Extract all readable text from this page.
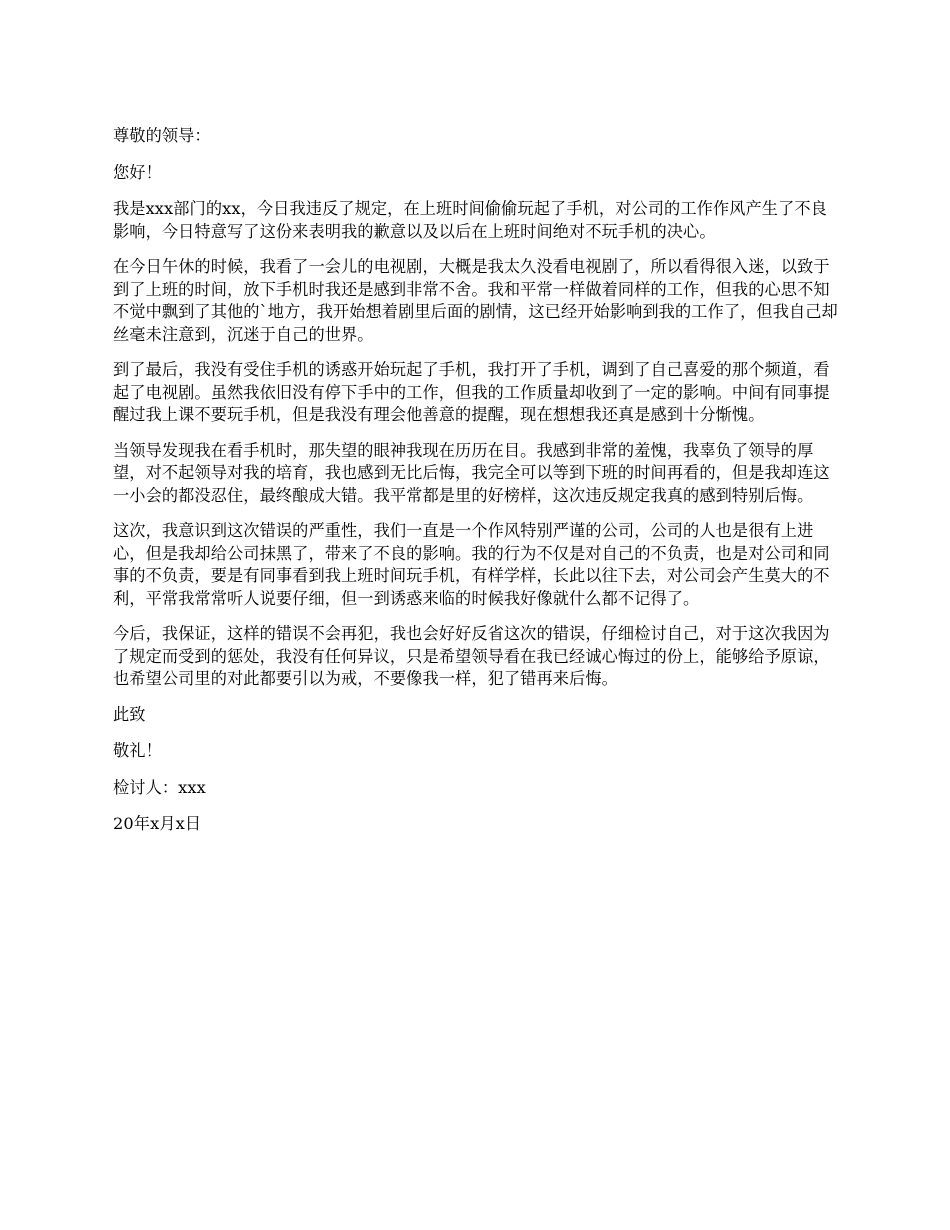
尊敬的领导：

您好！

我是xxx部门的xx，今日我违反了规定，在上班时间偷偷玩起了手机，对公司的工作作风产生了不良影响，今日特意写了这份来表明我的歉意以及以后在上班时间绝对不玩手机的决心。

在今日午休的时候，我看了一会儿的电视剧，大概是我太久没看电视剧了，所以看得很入迷，以致于到了上班的时间，放下手机时我还是感到非常不舍。我和平常一样做着同样的工作，但我的心思不知不觉中飘到了其他的`地方，我开始想着剧里后面的剧情，这已经开始影响到我的工作了，但我自己却丝毫未注意到，沉迷于自己的世界。

到了最后，我没有受住手机的诱惑开始玩起了手机，我打开了手机，调到了自己喜爱的那个频道，看起了电视剧。虽然我依旧没有停下手中的工作，但我的工作质量却收到了一定的影响。中间有同事提醒过我上课不要玩手机，但是我没有理会他善意的提醒，现在想想我还真是感到十分惭愧。

当领导发现我在看手机时，那失望的眼神我现在历历在目。我感到非常的羞愧，我辜负了领导的厚望，对不起领导对我的培育，我也感到无比后悔，我完全可以等到下班的时间再看的，但是我却连这一小会的都没忍住，最终酿成大错。我平常都是里的好榜样，这次违反规定我真的感到特别后悔。

这次，我意识到这次错误的严重性，我们一直是一个作风特别严谨的公司，公司的人也是很有上进心，但是我却给公司抹黑了，带来了不良的影响。我的行为不仅是对自己的不负责，也是对公司和同事的不负责，要是有同事看到我上班时间玩手机，有样学样，长此以往下去，对公司会产生莫大的不利，平常我常常听人说要仔细，但一到诱惑来临的时候我好像就什么都不记得了。

今后，我保证，这样的错误不会再犯，我也会好好反省这次的错误，仔细检讨自己，对于这次我因为了规定而受到的惩处，我没有任何异议，只是希望领导看在我已经诚心悔过的份上，能够给予原谅，也希望公司里的对此都要引以为戒，不要像我一样，犯了错再来后悔。

此致

敬礼！

检讨人：xxx

20年x月x日
